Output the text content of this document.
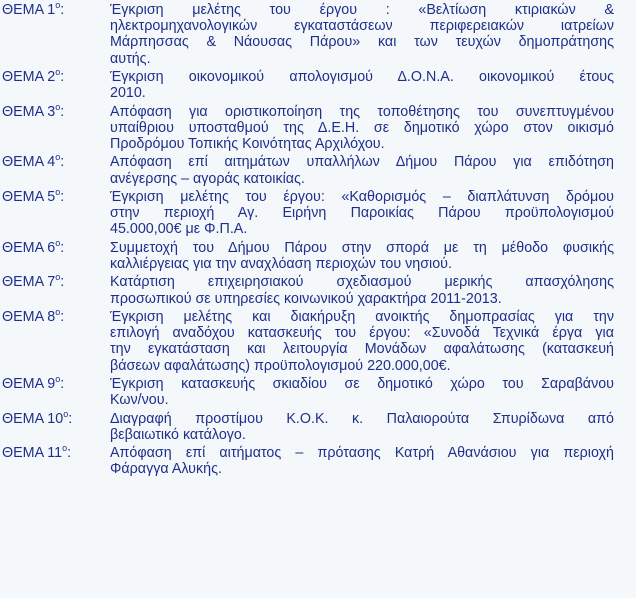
ΘΕΜΑ $1^o$:	Έγκριση μελέτης του έργου : «Βελτίωση κτιριακών &
ηλεκτρομηχανολογικών εγκαταστάσεων περιφερειακών ιατρείων
Μάρπησσας & Νάουσας Πάρου» και των τευχών δημοπράτησης
αυτής.
ΘΕΜΑ $2^o$:	Έγκριση οικονομικού απολογισμού Δ.Ο.Ν.Α. οικονομικού έτους
2010.
ΘΕΜΑ $3^o$:	Απόφαση για οριστικοποίηση της τοποθέτησης του συνεπτυγμένου
υπαίθριου υποσταθμού της Δ.Ε.Η. σε δημοτικό χώρο στον οικισμό
Προδρόμου Τοπικής Κοινότητας Αρχιλόχου.
ΘΕΜΑ $4^o$:	Απόφαση επί αιτημάτων υπαλλήλων Δήμου Πάρου για επιδότηση
ανέγερσης – αγοράς κατοικίας.
ΘΕΜΑ $5^o$:	Έγκριση μελέτης του έργου: «Καθορισμός – διαπλάτυνση δρόμου
στην περιοχή Αγ. Ειρήνη Παροικίας Πάρου προϋπολογισμού
45.000,00€ με Φ.Π.Α.
ΘΕΜΑ $6^o$:	Συμμετοχή του Δήμου Πάρου στην σπορά με τη μέθοδο φυσικής
καλλιέργειας για την αναχλόαση περιοχών του νησιού.
ΘΕΜΑ $7^o$:	Κατάρτιση επιχειρησιακού σχεδιασμού μερικής απασχόλησης
προσωπικού σε υπηρεσίες κοινωνικού χαρακτήρα 2011-2013.
ΘΕΜΑ $8^o$:	Έγκριση μελέτης και διακήρυξη ανοικτής δημοπρασίας για την
επιλογή αναδόχου κατασκευής του έργου: «Συνοδά Τεχνικά έργα για
την εγκατάσταση και λειτουργία Μονάδων αφαλάτωσης (κατασκευή
βάσεων αφαλάτωσης) προϋπολογισμού 220.000,00€.
ΘΕΜΑ $9^o$:	Έγκριση κατασκευής σκιαδίου σε δημοτικό χώρο του Σαραβάνου
Κων/νου.
ΘΕΜΑ $10^o$:	Διαγραφή προστίμου Κ.Ο.Κ. κ. Παλαιορούτα Σπυρίδωνα από
βεβαιωτικό κατάλογο.
ΘΕΜΑ $11^o$:	Απόφαση επί αιτήματος – πρότασης Κατρή Αθανάσιου για περιοχή
Φάραγγα Αλυκής.
